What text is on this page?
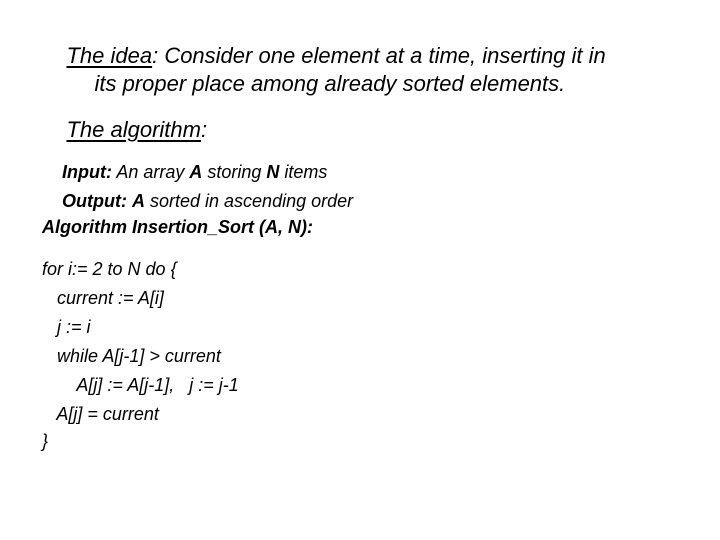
The idea: Consider one element at a time, inserting it in

its proper place among already sorted elements.

The algorithm:

Input: An array A storing N items

Output: A sorted in ascending order

Algorithm Insertion_Sort (A, N):
for i:= 2 to N do {
current := A[i]
j := i
while A[j-1] > current
A[j] := A[j-1],   j := j-1
A[j] = current
}
